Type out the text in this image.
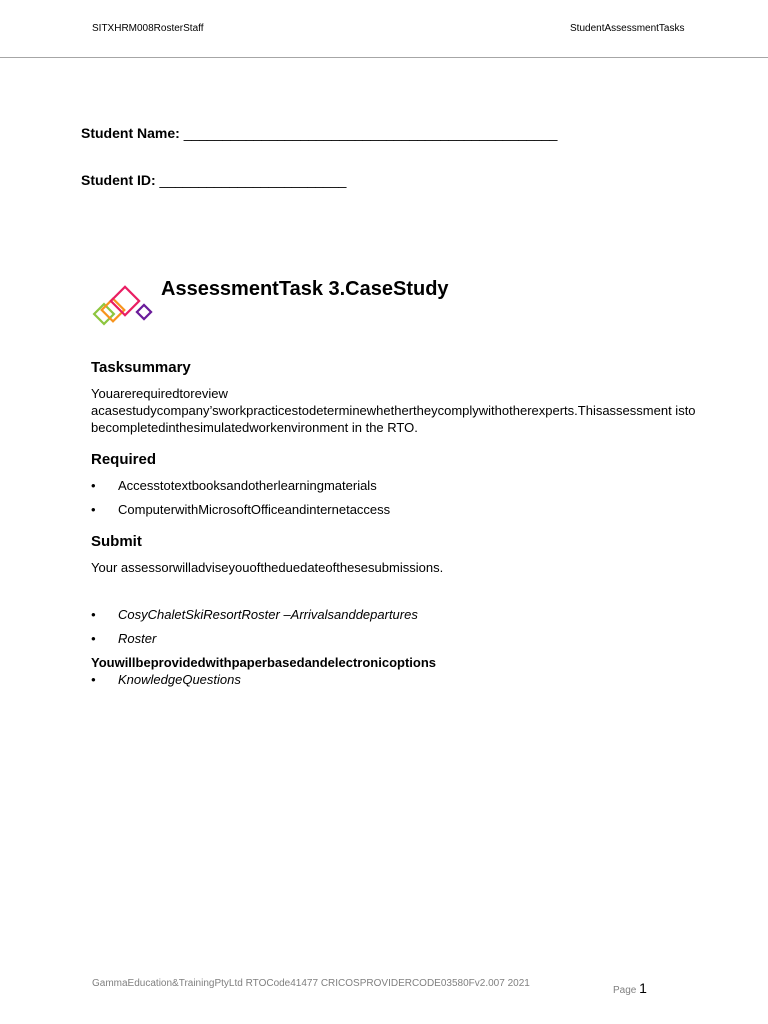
SITXHRM008RosterStaff	StudentAssessmentTasks
Student Name: ________________________________________________
Student ID: ________________________
AssessmentTask 3.CaseStudy
Tasksummary

Youarerequiredtoreview acasestudycompany’sworkpracticestodeterminewhethertheycomplywithotherexperts.Thisassessment isto becompletedinthesimulatedworkenvironment in the RTO.

Required
• Accesstotextbooksandotherlearningmaterials
• ComputerwithMicrosoftOfficeandinternetaccess
Submit

Your assessorwilladviseyouoftheduedateofthesesubmissions.

• CosyChaletSkiResortRoster –Arrivalsanddepartures
• Roster

Youwillbeprovidedwithpaperbasedandelectronicoptions

• KnowledgeQuestions
GammaEducation&TrainingPtyLtd RTOCode41477 CRICOSPROVIDERCODE03580Fv2.007 2021
Page 1
